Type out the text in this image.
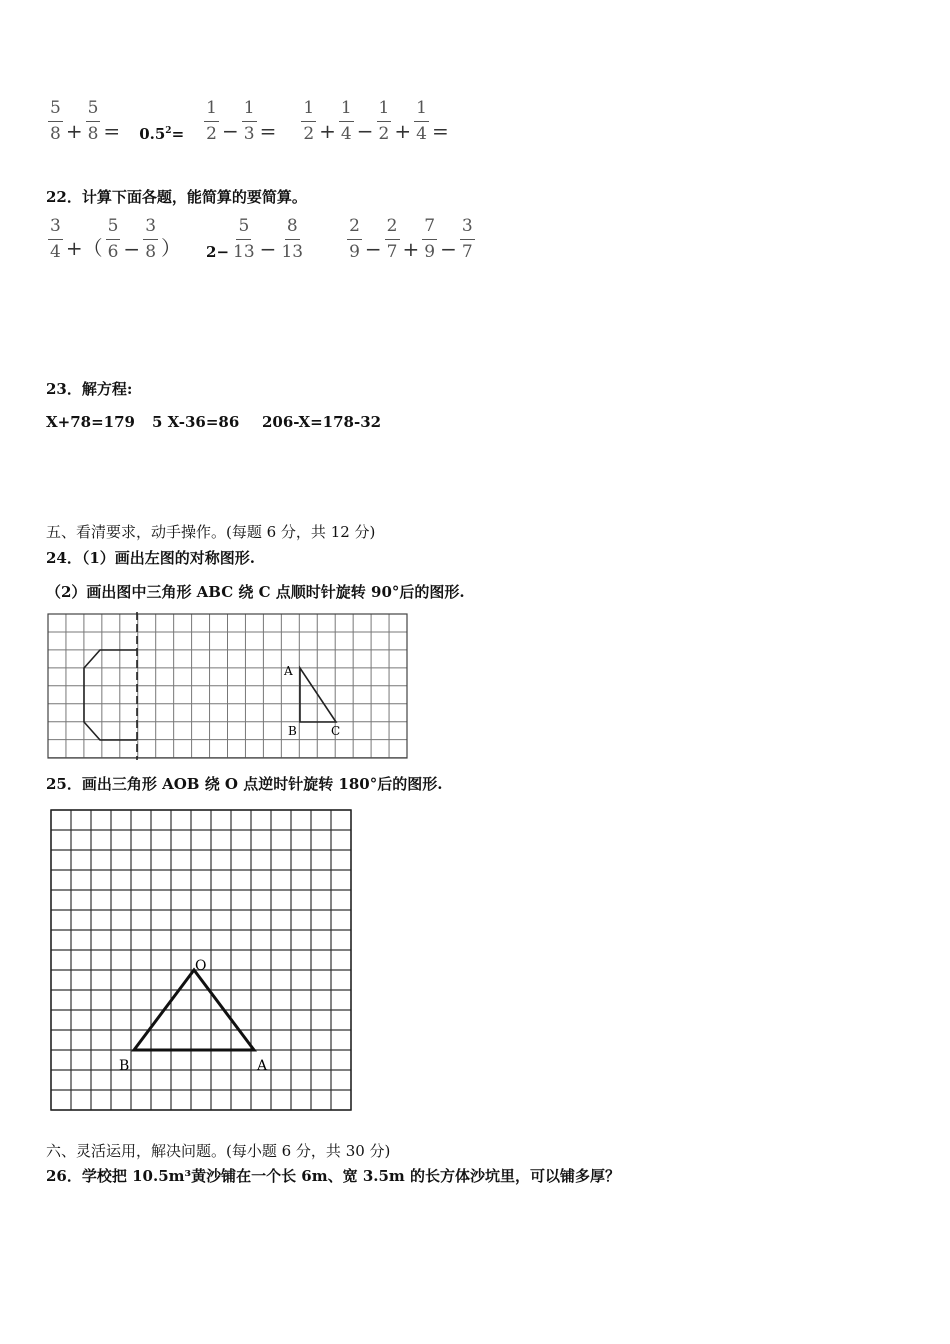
$\frac{5}{8} + \frac{5}{8} = 0.5^2= \frac{1}{2} - \frac{1}{3} = \frac{1}{2} + \frac{1}{4} - \frac{1}{2} + \frac{1}{4}$ =
22．计算下面各题，能简算的要简算。
$\frac{3}{4}$ +（ $\frac{5}{6} - \frac{3}{8}$ ） $2- \frac{5}{13} - \frac{8}{13} \frac{2}{9} - \frac{2}{7} + \frac{7}{9} - \frac{3}{7}$
23．解方程:
X+78=179 5 X-36=86 206-X=178-32
五、看清要求，动手操作。(每题 6 分，共 12 分)
24．（1）画出左图的对称图形.
（2）画出图中三角形 ABC 绕 C 点顺时针旋转 90°后的图形.
A
B	C
25．画出三角形 AOB 绕 O 点逆时针旋转 180°后的图形.
O
B	A
六、灵活运用，解决问题。(每小题 6 分，共 30 分)
26．学校把 10.5m³黄沙铺在一个长 6m、宽 3.5m 的长方体沙坑里，可以铺多厚？
